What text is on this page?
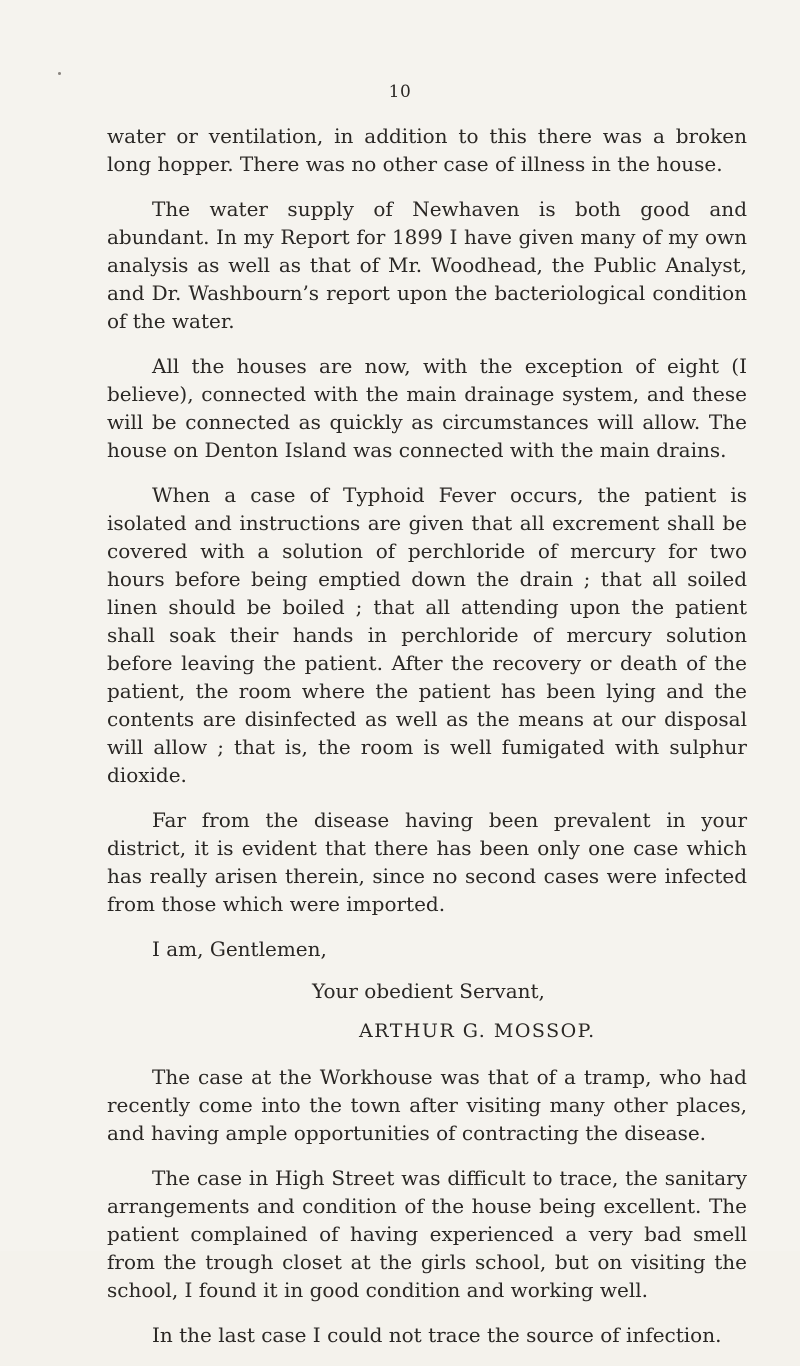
10

water or ventilation, in addition to this there was a broken long hopper. There was no other case of illness in the house.

The water supply of Newhaven is both good and abundant. In my Report for 1899 I have given many of my own analysis as well as that of Mr. Woodhead, the Public Analyst, and Dr. Washbourn’s report upon the bacteriological condition of the water.

All the houses are now, with the exception of eight (I believe), connected with the main drainage system, and these will be connected as quickly as circumstances will allow. The house on Denton Island was connected with the main drains.

When a case of Typhoid Fever occurs, the patient is isolated and instructions are given that all excrement shall be covered with a solution of perchloride of mercury for two hours before being emptied down the drain ; that all soiled linen should be boiled ; that all attending upon the patient shall soak their hands in perchloride of mercury solution before leaving the patient. After the recovery or death of the patient, the room where the patient has been lying and the contents are disinfected as well as the means at our disposal will allow ; that is, the room is well fumigated with sulphur dioxide.

Far from the disease having been prevalent in your district, it is evident that there has been only one case which has really arisen therein, since no second cases were infected from those which were imported.

I am, Gentlemen,
Your obedient Servant,
ARTHUR G. MOSSOP.

The case at the Workhouse was that of a tramp, who had recently come into the town after visiting many other places, and having ample opportunities of contracting the disease.

The case in High Street was difficult to trace, the sanitary arrangements and condition of the house being excellent. The patient complained of having experienced a very bad smell from the trough closet at the girls school, but on visiting the school, I found it in good condition and working well.

In the last case I could not trace the source of infection.
